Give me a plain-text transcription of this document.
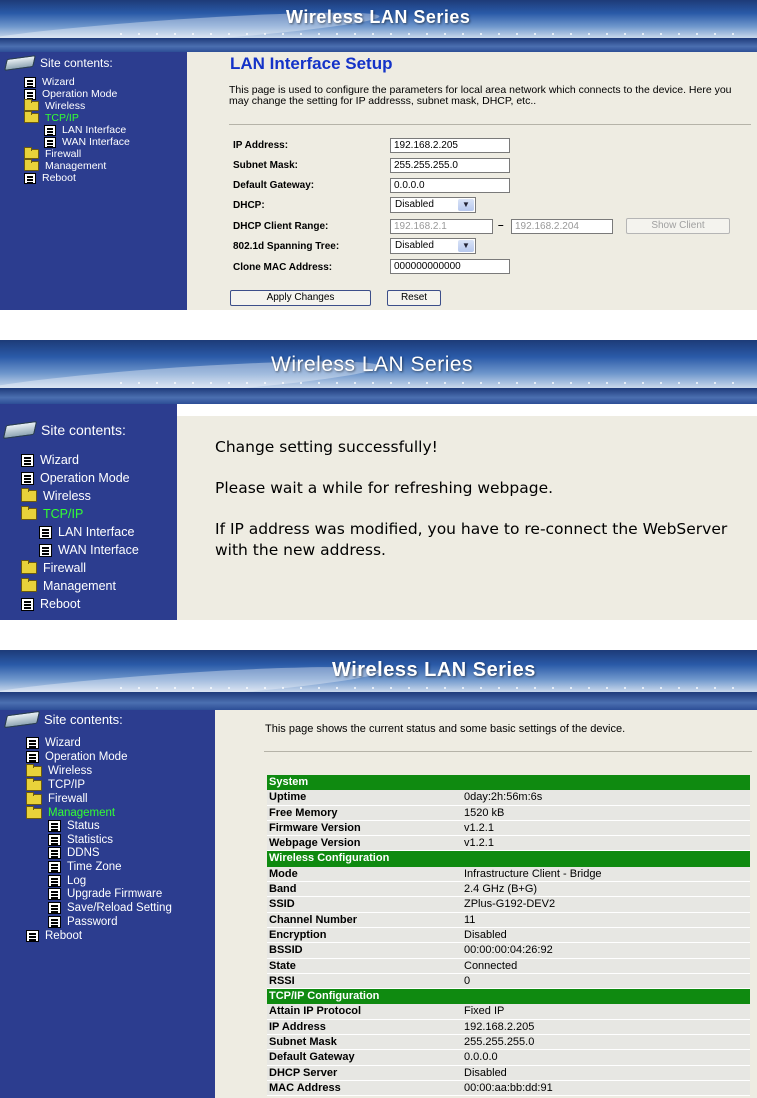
Wireless LAN Series
Site contents:
Wizard
Operation Mode
Wireless
TCP/IP
LAN Interface
WAN Interface
Firewall
Management
Reboot
LAN Interface Setup
This page is used to configure the parameters for local area network which connects to the device. Here you may change the setting for IP addresss, subnet mask, DHCP, etc..
IP Address:	192.168.2.205
Subnet Mask:	255.255.255.0
Default Gateway:	0.0.0.0
DHCP:	Disabled	▼
DHCP Client Range:	192.168.2.1	–	192.168.2.204	Show Client
802.1d Spanning Tree:	Disabled	▼
Clone MAC Address:	000000000000
Apply Changes	Reset
Wireless LAN Series
Site contents:
Wizard
Operation Mode
Wireless
TCP/IP
LAN Interface
WAN Interface
Firewall
Management
Reboot
Change setting successfully!
Please wait a while for refreshing webpage.
If IP address was modified, you have to re-connect the WebServer
with the new address.
Wireless LAN Series
Site contents:
Wizard
Operation Mode
Wireless
TCP/IP
Firewall
Management
Status
Statistics
DDNS
Time Zone
Log
Upgrade Firmware
Save/Reload Setting
Password
Reboot
This page shows the current status and some basic settings of the device.
System
Uptime	0day:2h:56m:6s
Free Memory	1520 kB
Firmware Version	v1.2.1
Webpage Version	v1.2.1
Wireless Configuration
Mode	Infrastructure Client - Bridge
Band	2.4 GHz (B+G)
SSID	ZPlus-G192-DEV2
Channel Number	11
Encryption	Disabled
BSSID	00:00:00:04:26:92
State	Connected
RSSI	0
TCP/IP Configuration
Attain IP Protocol	Fixed IP
IP Address	192.168.2.205
Subnet Mask	255.255.255.0
Default Gateway	0.0.0.0
DHCP Server	Disabled
MAC Address	00:00:aa:bb:dd:91
